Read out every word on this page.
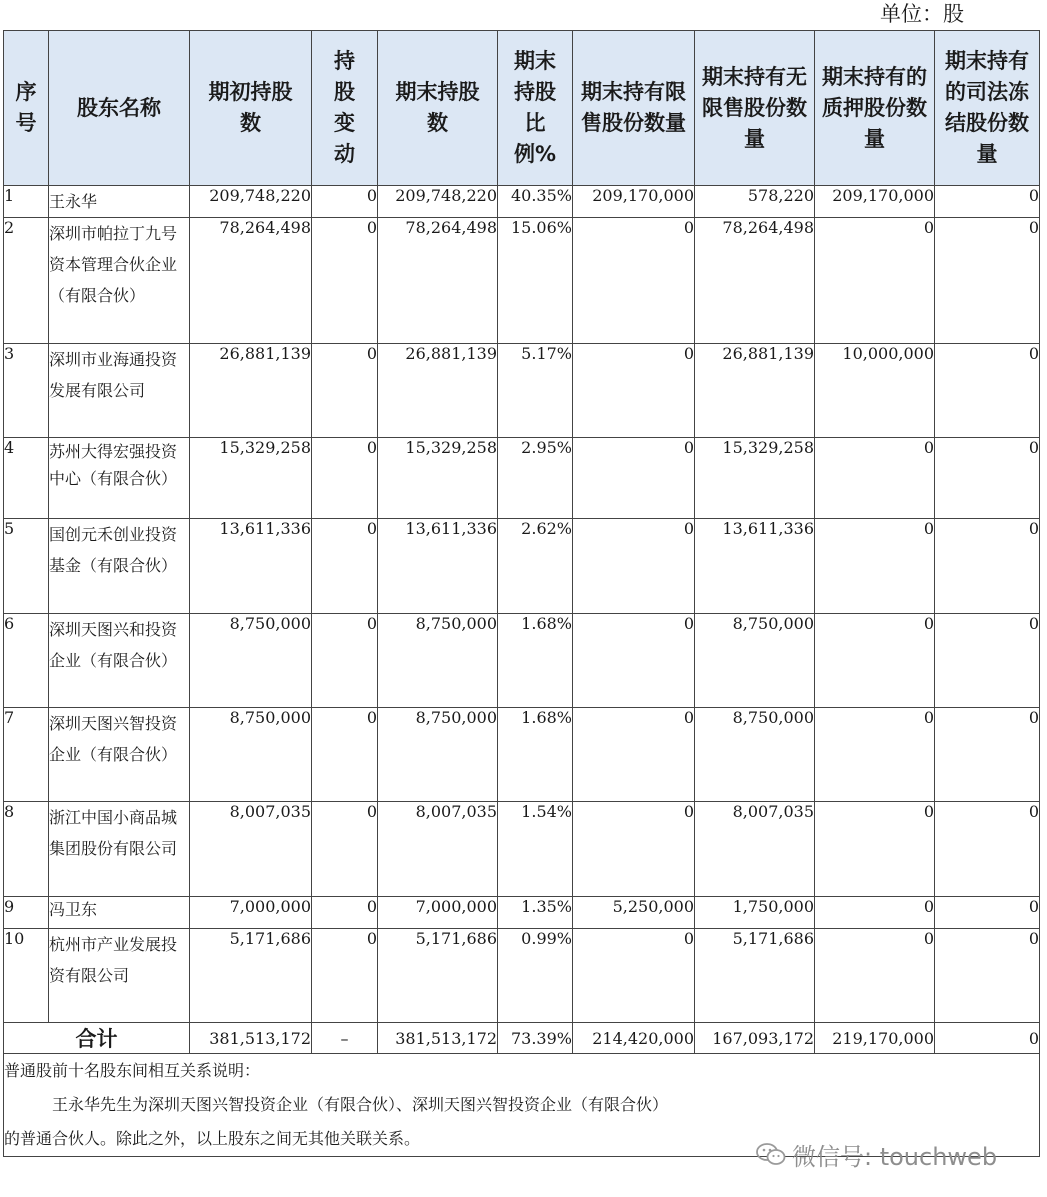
单位：股
序号	股东名称	期初持股数	持股变动	期末持股数	期末持股比例%	期末持有限售股份数量	期末持有无限售股份数量	期末持有的质押股份数量	期末持有的司法冻结股份数量

1	王永华	209,748,220	0	209,748,220	40.35%	209,170,000	578,220	209,170,000	0
2	深圳市帕拉丁九号资本管理合伙企业（有限合伙）	78,264,498	0	78,264,498	15.06%	0	78,264,498	0	0
3	深圳市业海通投资发展有限公司	26,881,139	0	26,881,139	5.17%	0	26,881,139	10,000,000	0
4	苏州大得宏强投资中心（有限合伙）	15,329,258	0	15,329,258	2.95%	0	15,329,258	0	0
5	国创元禾创业投资基金（有限合伙）	13,611,336	0	13,611,336	2.62%	0	13,611,336	0	0
6	深圳天图兴和投资企业（有限合伙）	8,750,000	0	8,750,000	1.68%	0	8,750,000	0	0
7	深圳天图兴智投资企业（有限合伙）	8,750,000	0	8,750,000	1.68%	0	8,750,000	0	0
8	浙江中国小商品城集团股份有限公司	8,007,035	0	8,007,035	1.54%	0	8,007,035	0	0
9	冯卫东	7,000,000	0	7,000,000	1.35%	5,250,000	1,750,000	0	0
10	杭州市产业发展投资有限公司	5,171,686	0	5,171,686	0.99%	0	5,171,686	0	0
合计		381,513,172	–	381,513,172	73.39%	214,420,000	167,093,172	219,170,000	0

普通股前十名股东间相互关系说明：
王永华先生为深圳天图兴智投资企业（有限合伙）、深圳天图兴智投资企业（有限合伙）
的普通合伙人。除此之外，以上股东之间无其他关联关系。									
微信号: touchweb
